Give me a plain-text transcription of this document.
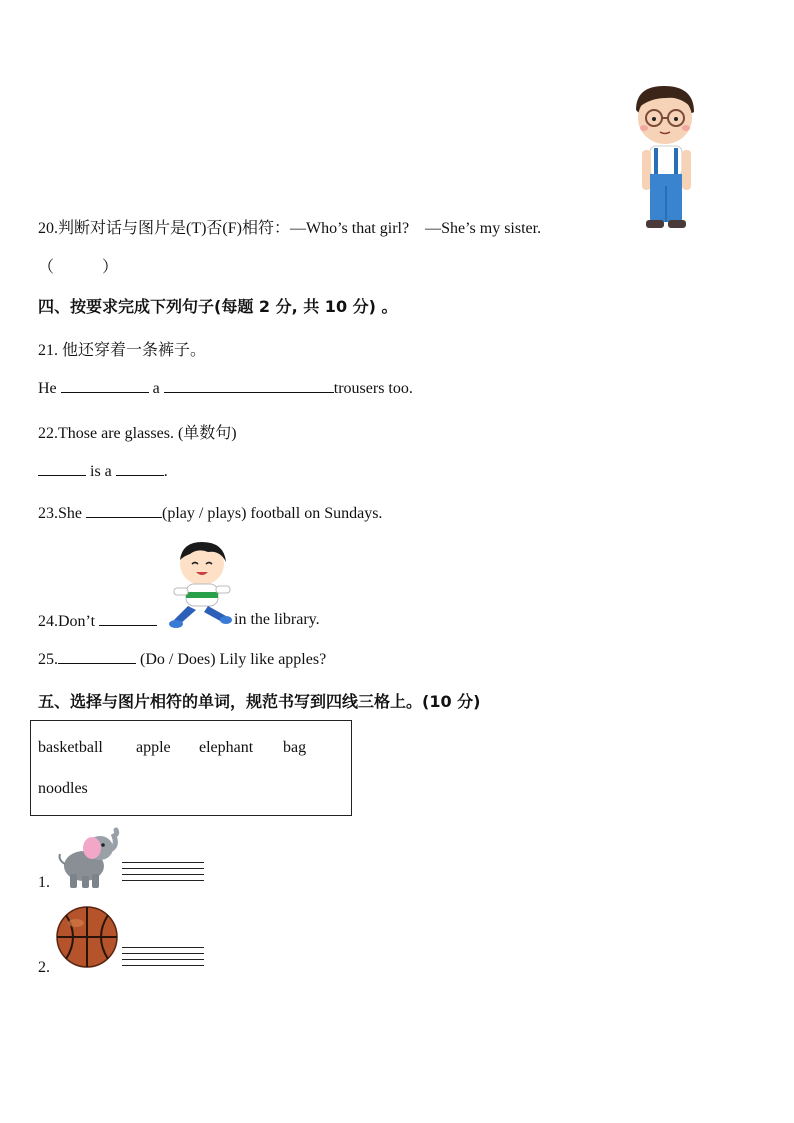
20.判断对话与图片是(T)否(F)相符：—Who’s that girl?　—She’s my sister.
（　　　）
四、按要求完成下列句子(每题 2 分, 共 10 分) 。
21. 他还穿着一条裤子。
He	a	trousers too.
22.Those are glasses. (单数句)
is a	.
23.She	(play / plays) football on Sundays.
24.Don’t	in the library.
25.	(Do / Does) Lily like apples?
五、选择与图片相符的单词，规范书写到四线三格上。(10 分)
basketball apple elephant bag
noodles
1.
2.
